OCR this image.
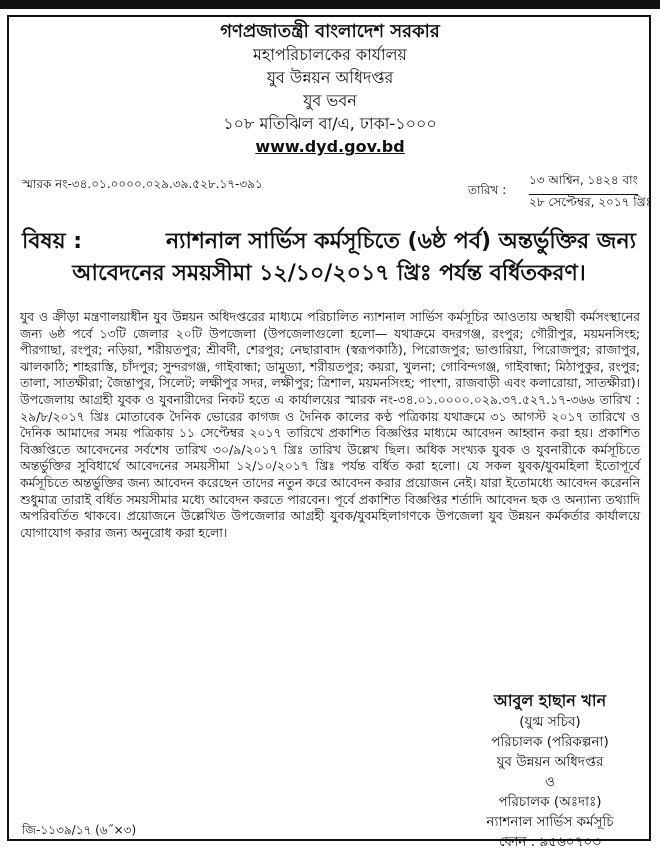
গণপ্রজাতন্ত্রী বাংলাদেশ সরকার
মহাপরিচালকের কার্যালয়
যুব উন্নয়ন অধিদপ্তর
যুব ভবন
১০৮ মতিঝিল বা/এ, ঢাকা-১০০০
www.dyd.gov.bd
স্মারক নং-৩৪.০১.০০০০.০২৯.৩৯.৫২৮.১৭-৩৯১	তারিখ :
১৩ আশ্বিন, ১৪২৪ বাং
২৮ সেপ্টেম্বর, ২০১৭ খ্রিঃ
বিষয় :	ন্যাশনাল সার্ভিস কর্মসূচিতে (৬ষ্ঠ পর্ব) অন্তর্ভুক্তির জন্য
আবেদনের সময়সীমা ১২/১০/২০১৭ খ্রিঃ পর্যন্ত বর্ধিতকরণ।
যুব ও ক্রীড়া মন্ত্রণালয়াধীন যুব উন্নয়ন অধিদপ্তরের মাধ্যমে পরিচালিত ন্যাশনাল সার্ভিস কর্মসূচির আওতায় অস্থায়ী কর্মসংস্থানের জন্য ৬ষ্ঠ পর্বে ১৩টি জেলার ২০টি উপজেলা (উপজেলাগুলো হলো— যথাক্রমে বদরগঞ্জ, রংপুর; গৌরীপুর, ময়মনসিংহ; পীরগাছা, রংপুর; নড়িয়া, শরীয়তপুর; শ্রীবর্দী, শেরপুর; নেছারাবাদ (স্বরূপকাঠি), পিরোজপুর; ভাণ্ডারিয়া, পিরোজপুর; রাজাপুর, ঝালকাঠি; শাহরাস্তি, চাঁদপুর; সুন্দরগঞ্জ, গাইবান্ধা; ডামুড্যা, শরীয়তপুর; কয়রা, খুলনা; গোবিন্দগঞ্জ, গাইবান্ধা; মিঠাপুকুর, রংপুর; তালা, সাতক্ষীরা; জৈন্তাপুর, সিলেট; লক্ষীপুর সদর, লক্ষীপুর; ত্রিশাল, ময়মনসিংহ; পাংশা, রাজবাড়ী এবং কলারোয়া, সাতক্ষীরা)। উপজেলায় আগ্রহী যুবক ও যুবনারীদের নিকট হতে এ কার্যালয়ের স্মারক নং-৩৪.০১.০০০০.০২৯.৩৭.৫২৭.১৭-৩৬৬ তারিখ : ২৯/৮/২০১৭ খ্রিঃ মোতাবেক দৈনিক ভোরের কাগজ ও দৈনিক কালের কণ্ঠ পত্রিকায় যথাক্রমে ৩১ আগস্ট ২০১৭ তারিখে ও দৈনিক আমাদের সময় পত্রিকায় ১১ সেপ্টেম্বর ২০১৭ তারিখে প্রকাশিত বিজ্ঞপ্তির মাধ্যমে আবেদন আহ্বান করা হয়। প্রকাশিত বিজ্ঞপ্তিতে আবেদনের সর্বশেষ তারিখ ৩০/৯/২০১৭ খ্রিঃ তারিখ উল্লেখ ছিল। অধিক সংখ্যক যুবক ও যুবনারীকে কর্মসূচিতে অন্তর্ভুক্তির সুবিধার্থে আবেদনের সময়সীমা ১২/১০/২০১৭ খ্রিঃ পর্যন্ত বর্ধিত করা হলো। যে সকল যুবক/যুবমহিলা ইতোপূর্বে কর্মসূচিতে অন্তর্ভুক্তির জন্য আবেদন করেছেন তাদের নতুন করে আবেদন করার প্রয়োজন নেই। যারা ইতোমধ্যে আবেদন করেননি শুধুমাত্র তারাই বর্ধিত সময়সীমার মধ্যে আবেদন করতে পারবেন। পূর্বে প্রকাশিত বিজ্ঞপ্তির শর্তাদি আবেদন ছক ও অন্যান্য তথ্যাদি অপরিবর্তিত থাকবে। প্রয়োজনে উল্লেখিত উপজেলার আগ্রহী যুবক/যুবমহিলাগণকে উপজেলা যুব উন্নয়ন কর্মকর্তার কার্যালয়ে যোগাযোগ করার জন্য অনুরোধ করা হলো।
আবুল হাছান খান
(যুগ্ম সচিব)
পরিচালক (পরিকল্পনা)
যুব উন্নয়ন অধিদপ্তর
ও
পরিচালক (অঃদাঃ)
ন্যাশনাল সার্ভিস কর্মসূচি
ফোন : ৯৫৬০৭০৩
জি-১১৩৯/১৭ (৬˝×৩)
